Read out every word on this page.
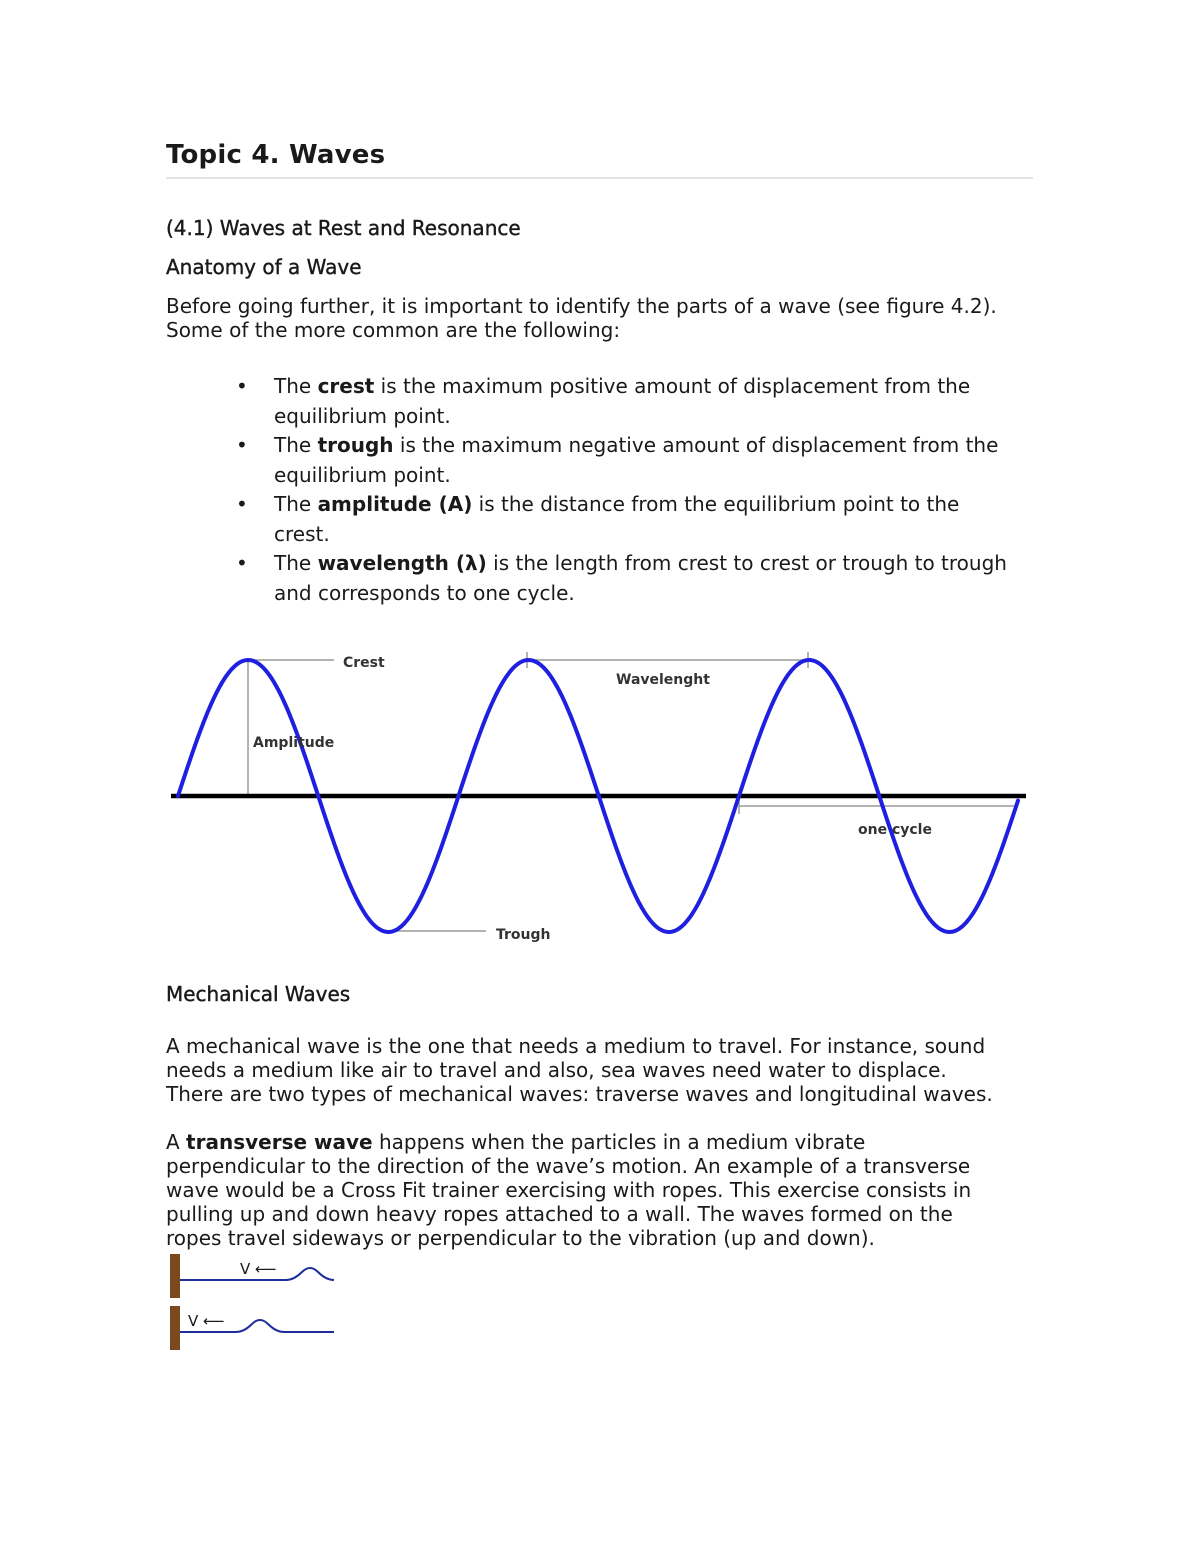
Topic 4. Waves
(4.1) Waves at Rest and Resonance
Anatomy of a Wave

Before going further, it is important to identify the parts of a wave (see figure 4.2).
Some of the more common are the following:

• The crest is the maximum positive amount of displacement from the
equilibrium point.
• The trough is the maximum negative amount of displacement from the
equilibrium point.
• The amplitude (A) is the distance from the equilibrium point to the
crest.
• The wavelength (λ) is the length from crest to crest or trough to trough
and corresponds to one cycle.
Crest
Wavelenght
Amplitude
one cycle
Trough
Mechanical Waves

A mechanical wave is the one that needs a medium to travel. For instance, sound
needs a medium like air to travel and also, sea waves need water to displace.
There are two types of mechanical waves: traverse waves and longitudinal waves.

A transverse wave happens when the particles in a medium vibrate
perpendicular to the direction of the wave’s motion. An example of a transverse
wave would be a Cross Fit trainer exercising with ropes. This exercise consists in
pulling up and down heavy ropes attached to a wall. The waves formed on the
ropes travel sideways or perpendicular to the vibration (up and down).

V ⟵
V ⟵
